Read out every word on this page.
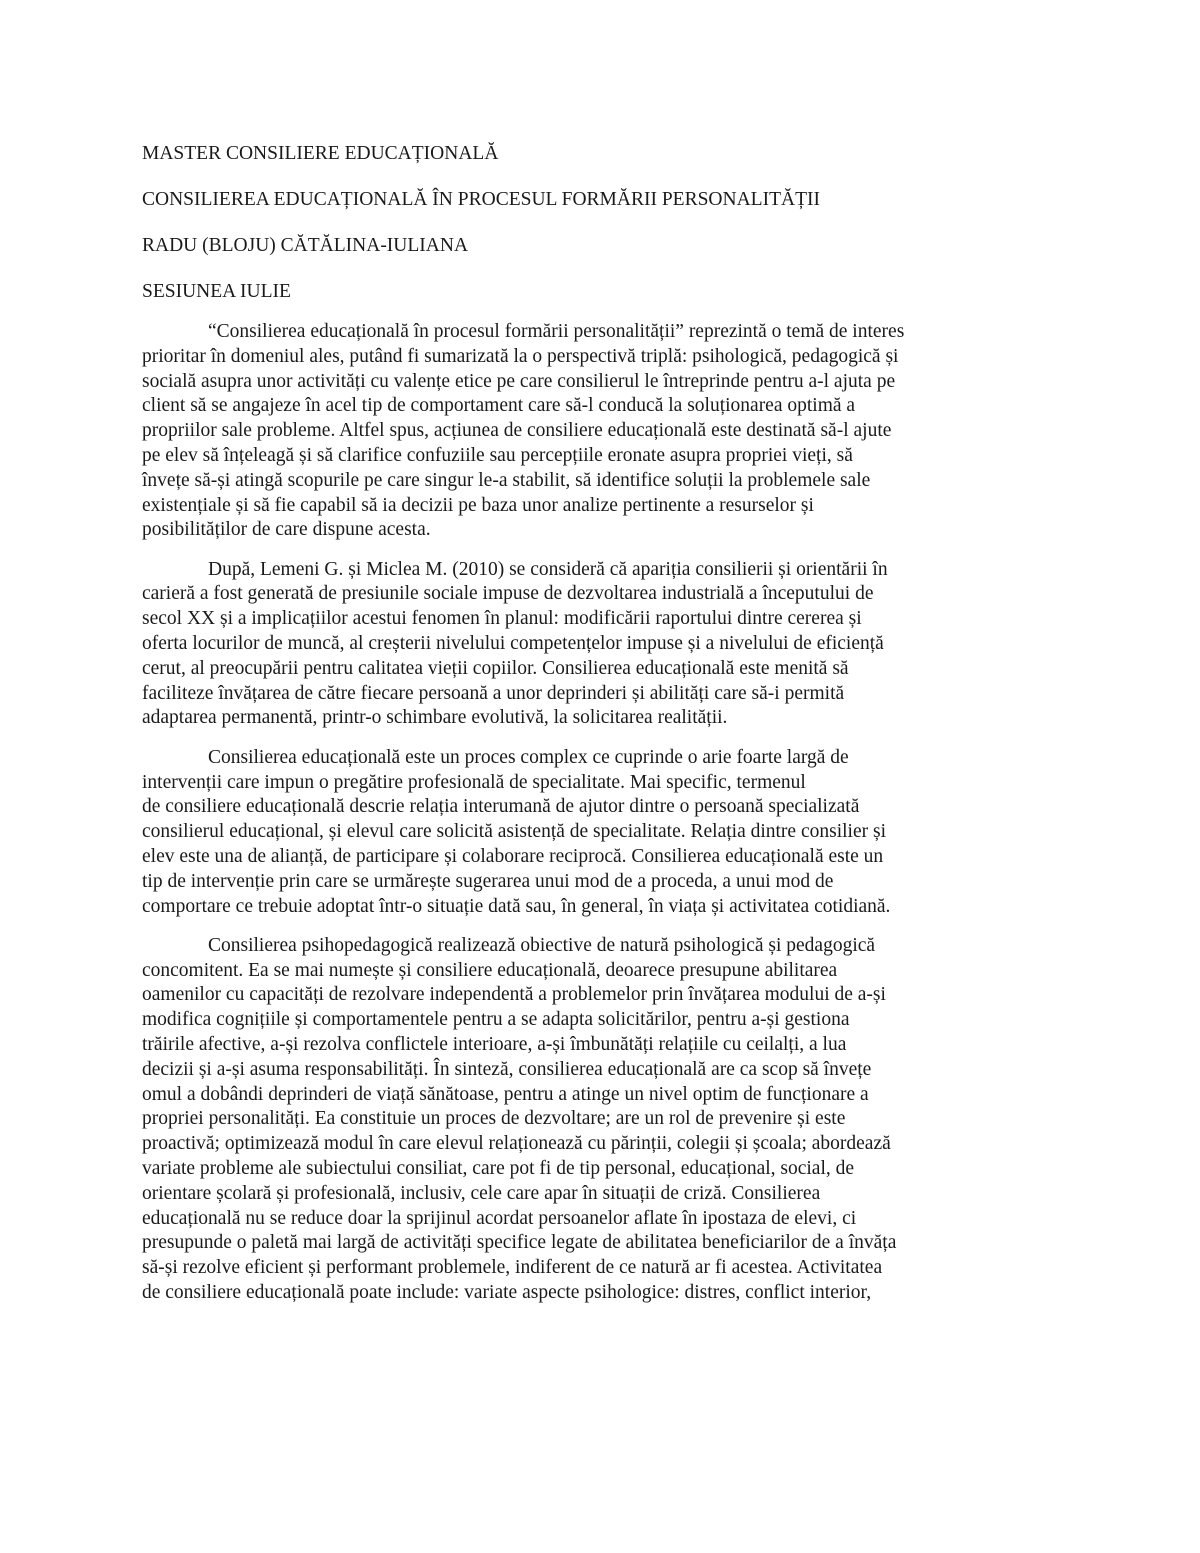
MASTER CONSILIERE EDUCAȚIONALĂ
CONSILIEREA EDUCAȚIONALĂ ÎN PROCESUL FORMĂRII PERSONALITĂȚII
RADU (BLOJU) CĂTĂLINA-IULIANA
SESIUNEA IULIE
“Consilierea educațională în procesul formării personalității” reprezintă o temă de interes
prioritar în domeniul ales, putând fi sumarizată la o perspectivă triplă: psihologică, pedagogică și
socială asupra unor activități cu valențe etice pe care consilierul le întreprinde pentru a-l ajuta pe
client să se angajeze în acel tip de comportament care să-l conducă la soluționarea optimă a
propriilor sale probleme. Altfel spus, acțiunea de consiliere educațională este destinată să-l ajute
pe elev să înțeleagă și să clarifice confuziile sau percepțiile eronate asupra propriei vieți, să
învețe să-și atingă scopurile pe care singur le-a stabilit, să identifice soluții la problemele sale
existențiale și să fie capabil să ia decizii pe baza unor analize pertinente a resurselor și
posibilităților de care dispune acesta.
După, Lemeni G. și Miclea M. (2010) se consideră că apariția consilierii și orientării în
carieră a fost generată de presiunile sociale impuse de dezvoltarea industrială a începutului de
secol XX și a implicațiilor acestui fenomen în planul: modificării raportului dintre cererea și
oferta locurilor de muncă, al creșterii nivelului competențelor impuse și a nivelului de eficiență
cerut, al preocupării pentru calitatea vieții copiilor. Consilierea educațională este menită să
faciliteze învățarea de către fiecare persoană a unor deprinderi și abilități care să-i permită
adaptarea permanentă, printr-o schimbare evolutivă, la solicitarea realității.
Consilierea educațională este un proces complex ce cuprinde o arie foarte largă de
intervenții care impun o pregătire profesională de specialitate. Mai specific, termenul
de consiliere educațională descrie relația interumană de ajutor dintre o persoană specializată
consilierul educațional, și elevul care solicită asistență de specialitate. Relația dintre consilier și
elev este una de alianță, de participare și colaborare reciprocă. Consilierea educațională este un
tip de intervenție prin care se urmărește sugerarea unui mod de a proceda, a unui mod de
comportare ce trebuie adoptat într-o situație dată sau, în general, în viața și activitatea cotidiană.
Consilierea psihopedagogică realizează obiective de natură psihologică și pedagogică
concomitent. Ea se mai numește și consiliere educațională, deoarece presupune abilitarea
oamenilor cu capacități de rezolvare independentă a problemelor prin învățarea modului de a-și
modifica cognițiile și comportamentele pentru a se adapta solicitărilor, pentru a-și gestiona
trăirile afective, a-și rezolva conflictele interioare, a-și îmbunătăți relațiile cu ceilalți, a lua
decizii și a-și asuma responsabilități. În sinteză, consilierea educațională are ca scop să învețe
omul a dobândi deprinderi de viață sănătoase, pentru a atinge un nivel optim de funcționare a
propriei personalități. Ea constituie un proces de dezvoltare; are un rol de prevenire și este
proactivă; optimizează modul în care elevul relaționează cu părinții, colegii și școala; abordează
variate probleme ale subiectului consiliat, care pot fi de tip personal, educațional, social, de
orientare școlară și profesională, inclusiv, cele care apar în situații de criză. Consilierea
educațională nu se reduce doar la sprijinul acordat persoanelor aflate în ipostaza de elevi, ci
presupunde o paletă mai largă de activități specifice legate de abilitatea beneficiarilor de a învăța
să-și rezolve eficient și performant problemele, indiferent de ce natură ar fi acestea. Activitatea
de consiliere educațională poate include: variate aspecte psihologice: distres, conflict interior,
